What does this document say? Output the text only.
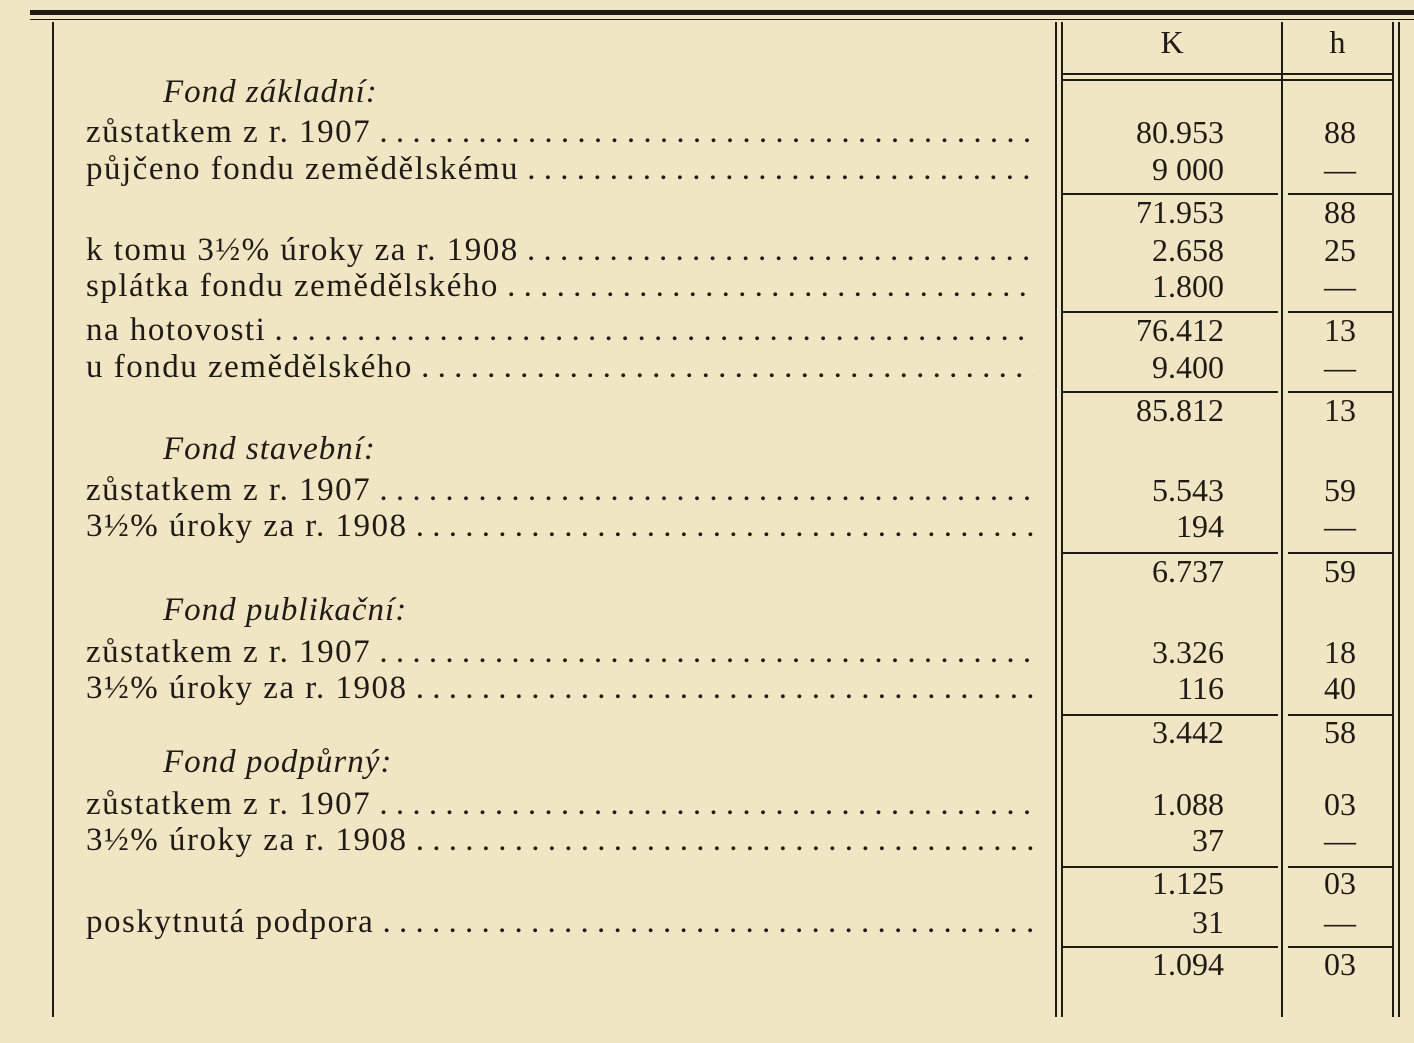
K	h
Fond základní:
zůstatkem z r. 1907 . . .	80.953	88
půjčeno fondu zemědělskému . . .	9 000	—
71.953	88
k tomu 3½% úroky za r. 1908 . . .	2.658	25
splátka fondu zemědělského . . .	1.800	—
na hotovosti . . .	76.412	13
u fondu zemědělského . . .	9.400	—
85.812	13
Fond stavební:
zůstatkem z r. 1907 . . .	5.543	59
3½% úroky za r. 1908 . . .	194	—
6.737	59
Fond publikační:
zůstatkem z r. 1907 . . .	3.326	18
3½% úroky za r. 1908 . . .	116	40
3.442	58
Fond podpůrný:
zůstatkem z r. 1907 . . .	1.088	03
3½% úroky za r. 1908 . . .	37	—
1.125	03
poskytnutá podpora . . .	31	—
1.094	03
